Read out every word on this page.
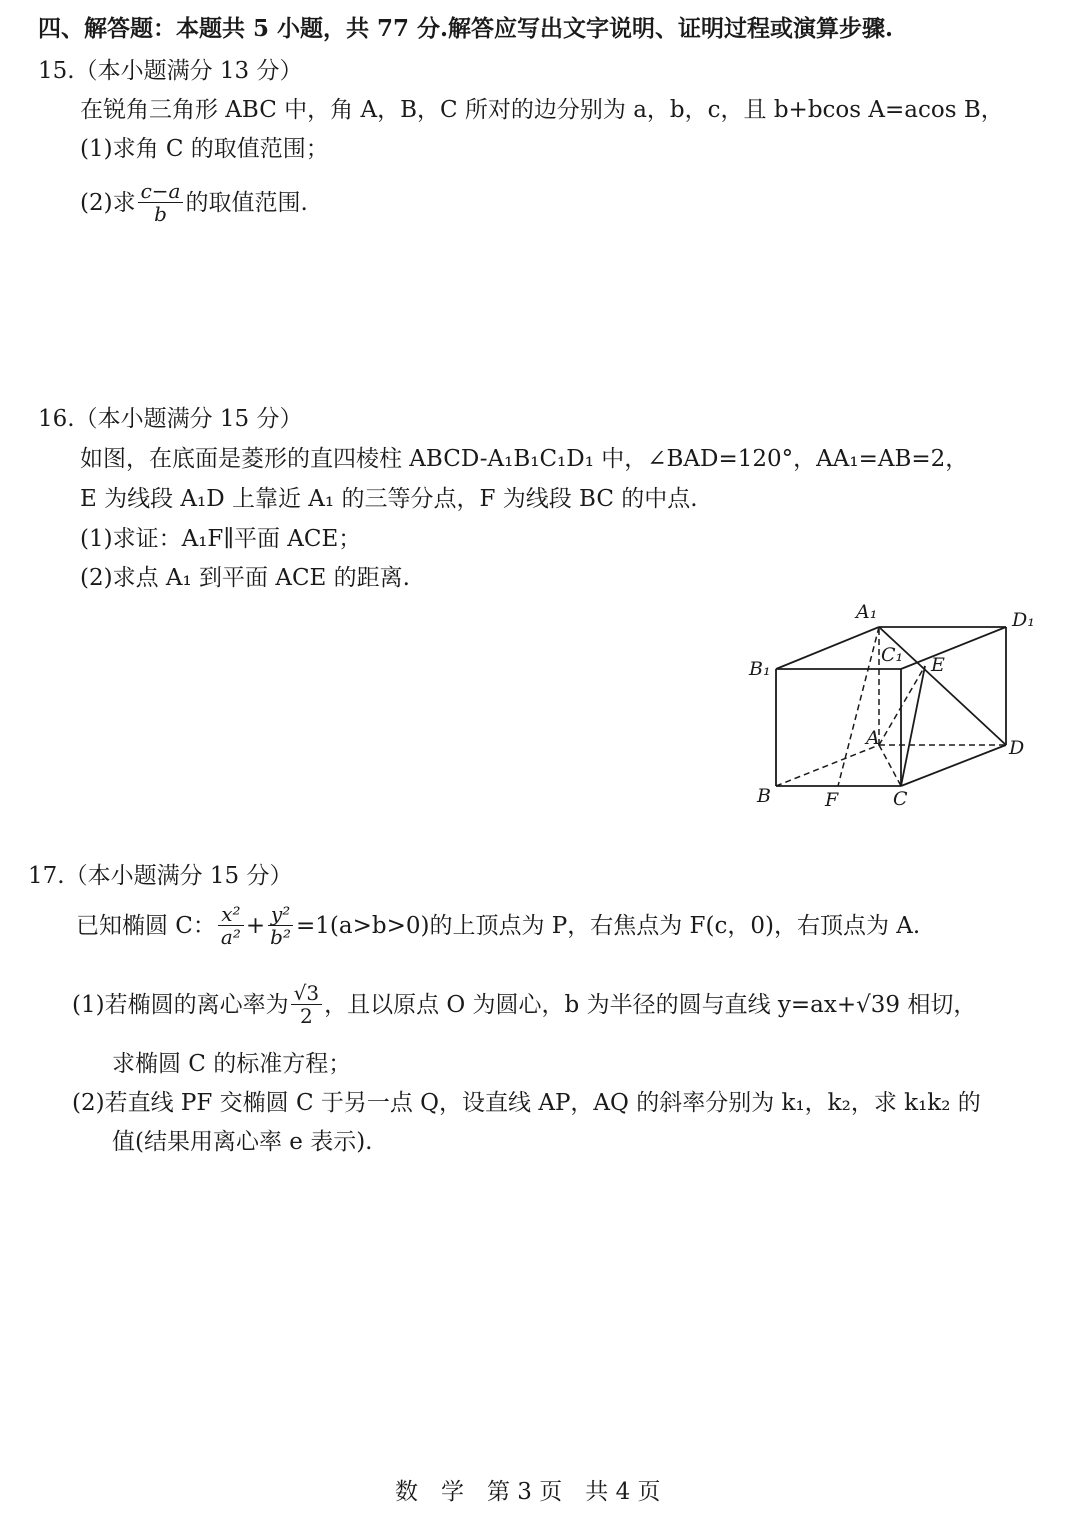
四、解答题：本题共 5 小题，共 77 分.解答应写出文字说明、证明过程或演算步骤.
15.（本小题满分 13 分）
在锐角三角形 ABC 中，角 A，B，C 所对的边分别为 a，b，c，且 b+bcos A=acos B，
(1)求角 C 的取值范围；
(2)求 $\frac{c-a}{b}$ 的取值范围.
16.（本小题满分 15 分）
如图，在底面是菱形的直四棱柱 ABCD-A₁B₁C₁D₁ 中，∠BAD=120°，AA₁=AB=2，
E 为线段 A₁D 上靠近 A₁ 的三等分点，F 为线段 BC 的中点.
(1)求证：A₁F∥平面 ACE；
(2)求点 A₁ 到平面 ACE 的距离.
A₁	D₁
B₁
C₁ E
A	D
B	F	C
17.（本小题满分 15 分）
已知椭圆 C： $\frac{\text{x²}}{\text{a²}} + \frac{\text{y²}}{\text{b²}} =1(a>b>0)$的上顶点为 P，右焦点为 F(c，0)，右顶点为 A.
(1)若椭圆的离心率为 $\frac{√3}{2}$ ，且以原点 O 为圆心，b 为半径的圆与直线 y=ax+√39 相切，
求椭圆 C 的标准方程；
(2)若直线 PF 交椭圆 C 于另一点 Q，设直线 AP，AQ 的斜率分别为 k₁，k₂，求 k₁k₂ 的
值(结果用离心率 e 表示).
数　学　第 3 页　共 4 页
